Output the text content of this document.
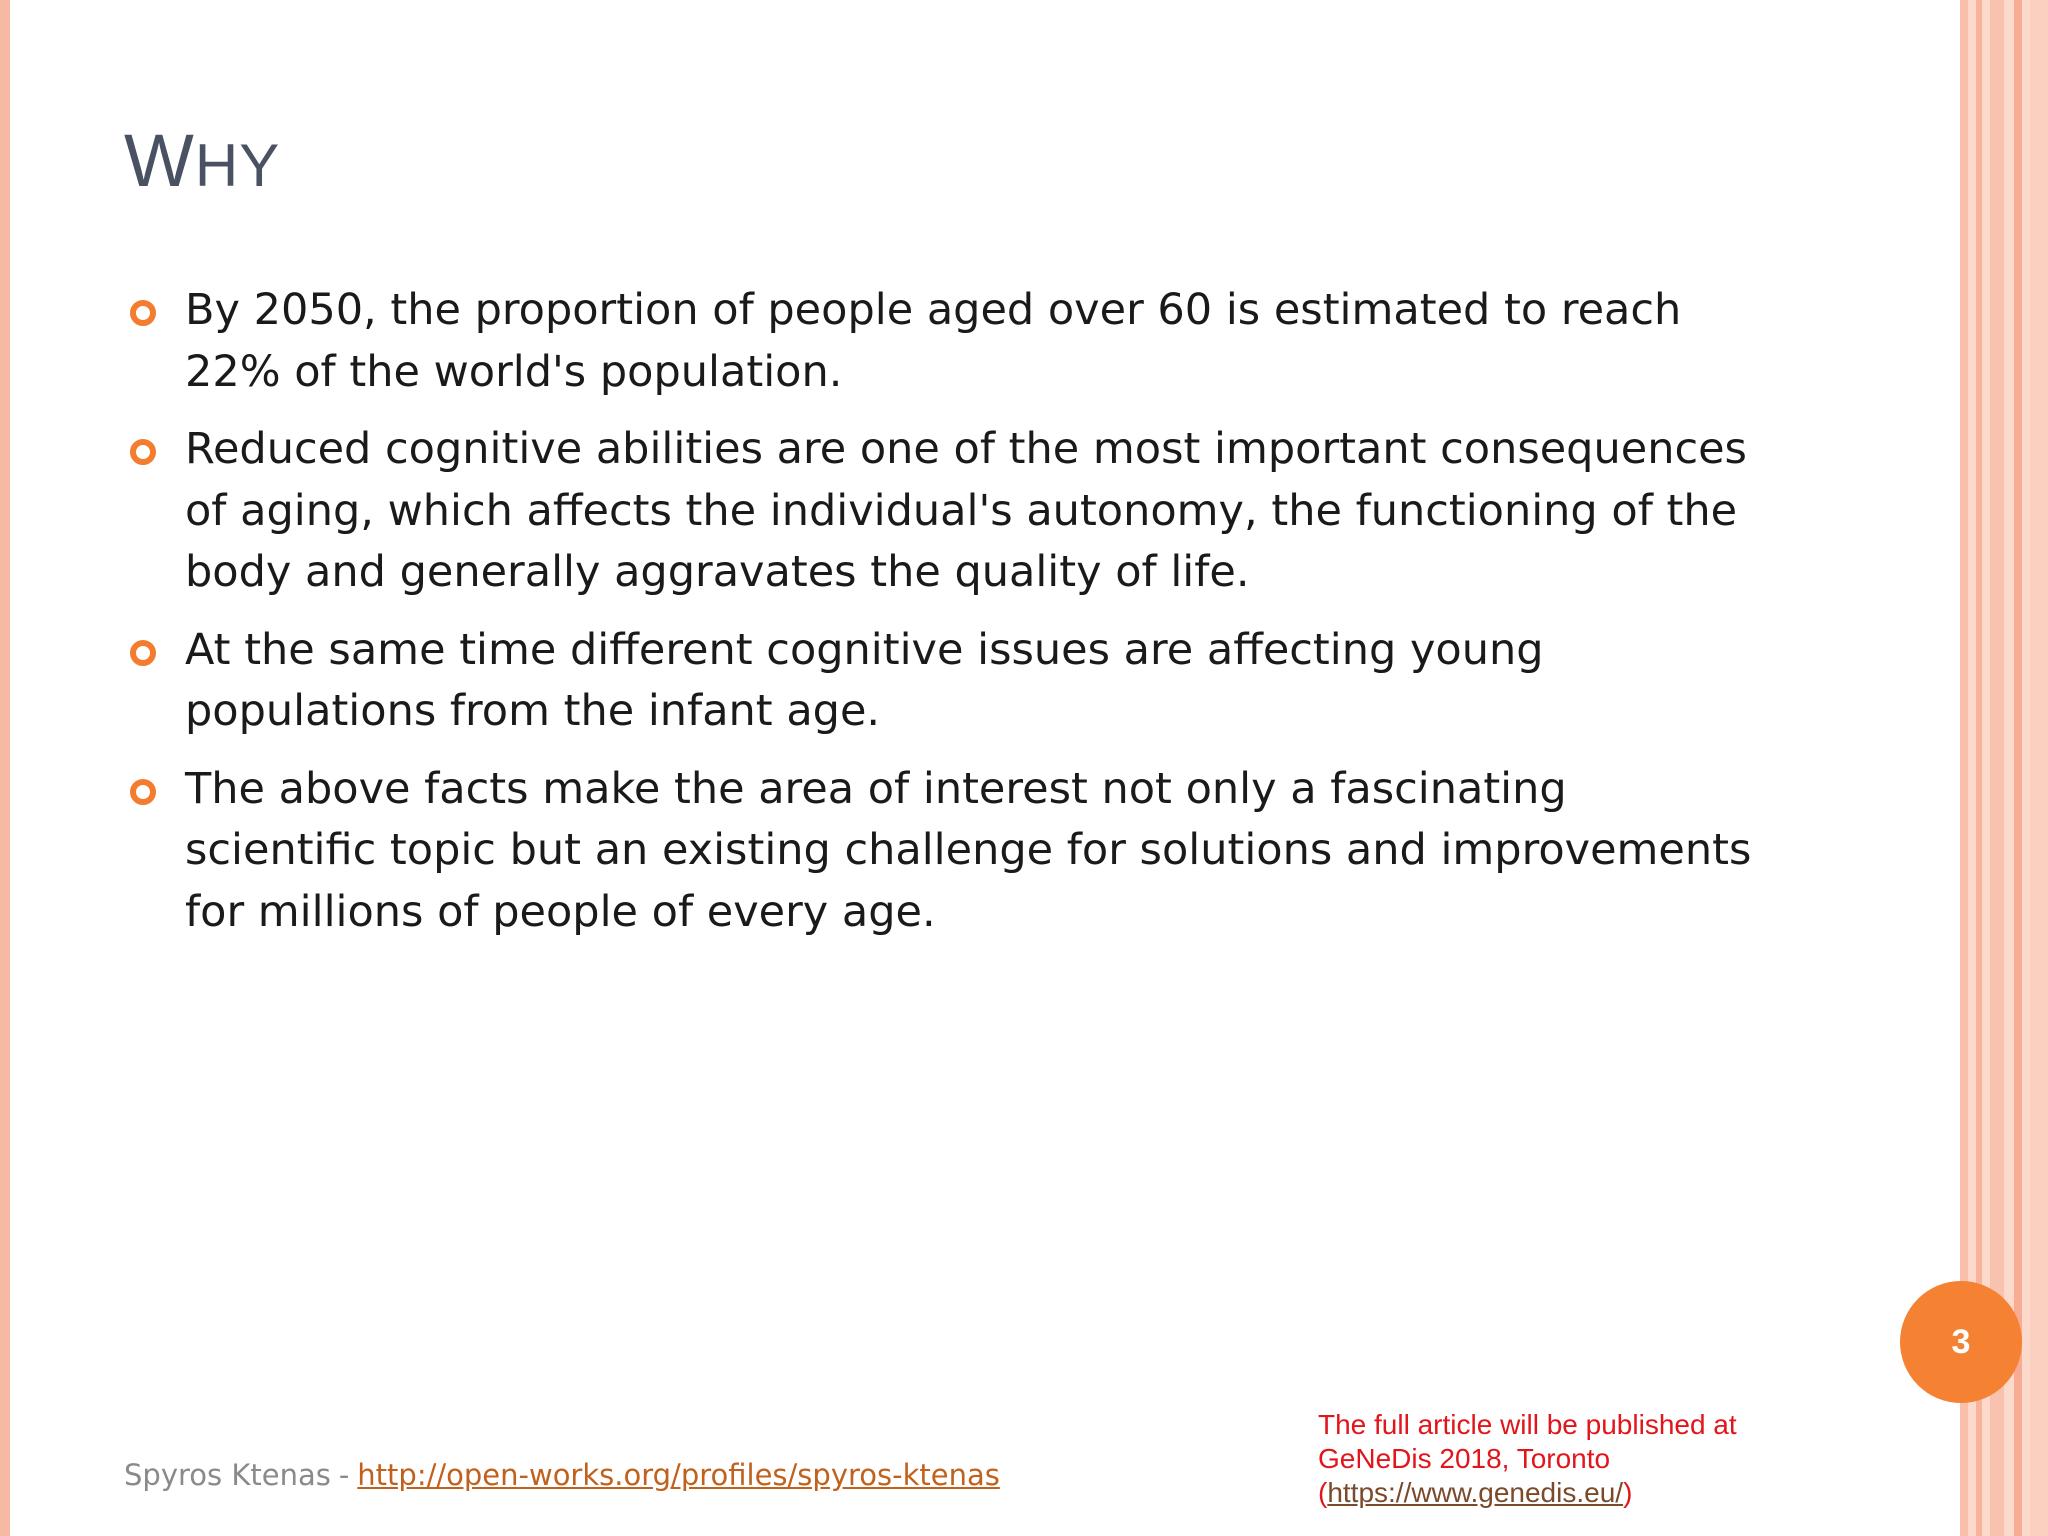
WHY
By 2050, the proportion of people aged over 60 is estimated to reach 22% of the world's population.
Reduced cognitive abilities are one of the most important consequences of aging, which affects the individual's autonomy, the functioning of the body and generally aggravates the quality of life.
At the same time different cognitive issues are affecting young populations from the infant age.
The above facts make the area of interest not only a fascinating scientific topic but an existing challenge for solutions and improvements for millions of people of every age.
3
Spyros Ktenas - http://open-works.org/profiles/spyros-ktenas
The full article will be published at
GeNeDis 2018, Toronto
(https://www.genedis.eu/)
